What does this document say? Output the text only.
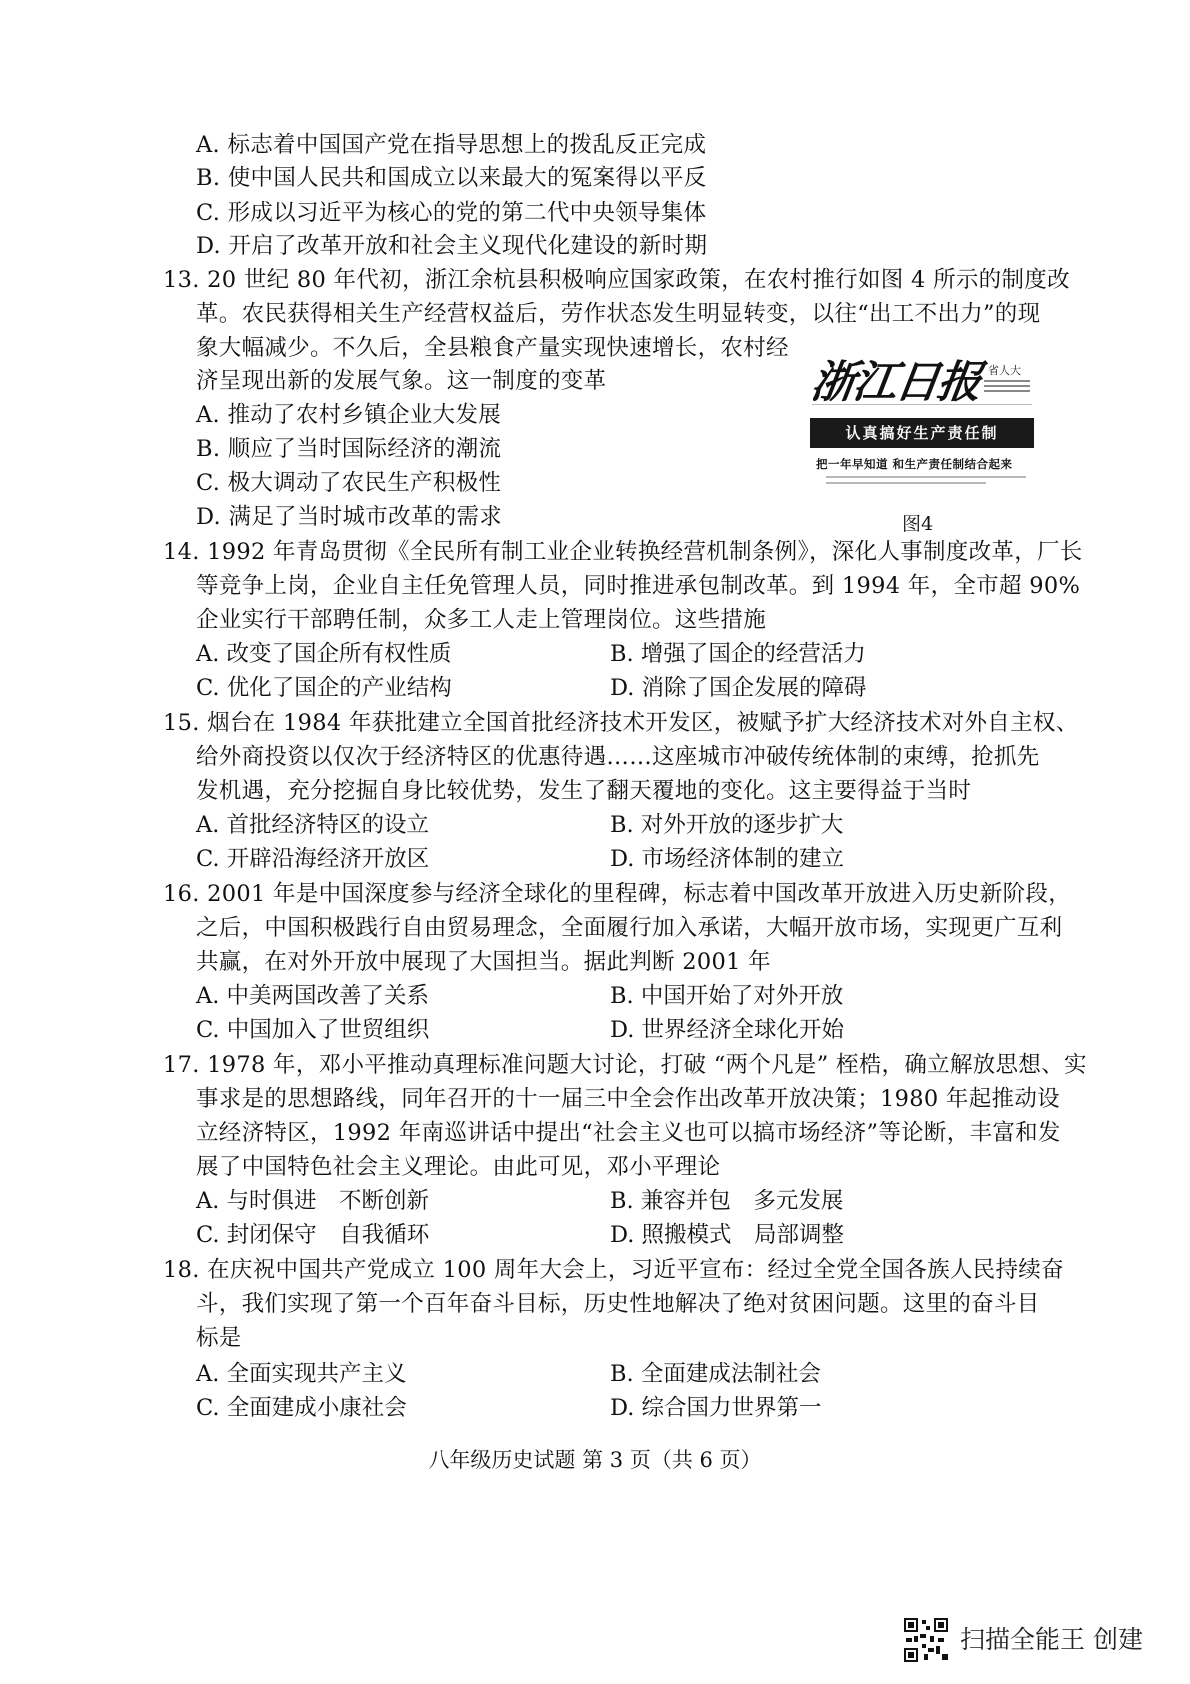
A. 标志着中国国产党在指导思想上的拨乱反正完成
B. 使中国人民共和国成立以来最大的冤案得以平反
C. 形成以习近平为核心的党的第二代中央领导集体
D. 开启了改革开放和社会主义现代化建设的新时期
13. 20 世纪 80 年代初，浙江余杭县积极响应国家政策，在农村推行如图 4 所示的制度改
革。农民获得相关生产经营权益后，劳作状态发生明显转变，以往“出工不出力”的现
象大幅减少。不久后，全县粮食产量实现快速增长，农村经
济呈现出新的发展气象。这一制度的变革
A. 推动了农村乡镇企业大发展
B. 顺应了当时国际经济的潮流
C. 极大调动了农民生产积极性
D. 满足了当时城市改革的需求
浙江日报 省人大
认真搞好生产责任制
把一年早知道 和生产责任制结合起来
图4
14. 1992 年青岛贯彻《全民所有制工业企业转换经营机制条例》，深化人事制度改革，厂长
等竞争上岗，企业自主任免管理人员，同时推进承包制改革。到 1994 年，全市超 90%
企业实行干部聘任制，众多工人走上管理岗位。这些措施
A. 改变了国企所有权性质	B. 增强了国企的经营活力
C. 优化了国企的产业结构	D. 消除了国企发展的障碍
15. 烟台在 1984 年获批建立全国首批经济技术开发区，被赋予扩大经济技术对外自主权、
给外商投资以仅次于经济特区的优惠待遇……这座城市冲破传统体制的束缚，抢抓先
发机遇，充分挖掘自身比较优势，发生了翻天覆地的变化。这主要得益于当时
A. 首批经济特区的设立	B. 对外开放的逐步扩大
C. 开辟沿海经济开放区	D. 市场经济体制的建立
16. 2001 年是中国深度参与经济全球化的里程碑，标志着中国改革开放进入历史新阶段，
之后，中国积极践行自由贸易理念，全面履行加入承诺，大幅开放市场，实现更广互利
共赢，在对外开放中展现了大国担当。据此判断 2001 年
A. 中美两国改善了关系	B. 中国开始了对外开放
C. 中国加入了世贸组织	D. 世界经济全球化开始
17. 1978 年，邓小平推动真理标准问题大讨论，打破 “两个凡是” 桎梏，确立解放思想、实
事求是的思想路线，同年召开的十一届三中全会作出改革开放决策；1980 年起推动设
立经济特区，1992 年南巡讲话中提出“社会主义也可以搞市场经济”等论断，丰富和发
展了中国特色社会主义理论。由此可见，邓小平理论
A. 与时俱进　不断创新	B. 兼容并包　多元发展
C. 封闭保守　自我循环	D. 照搬模式　局部调整
18. 在庆祝中国共产党成立 100 周年大会上，习近平宣布：经过全党全国各族人民持续奋
斗，我们实现了第一个百年奋斗目标，历史性地解决了绝对贫困问题。这里的奋斗目
标是
A. 全面实现共产主义	B. 全面建成法制社会
C. 全面建成小康社会	D. 综合国力世界第一
八年级历史试题 第 3 页（共 6 页）
扫描全能王 创建
